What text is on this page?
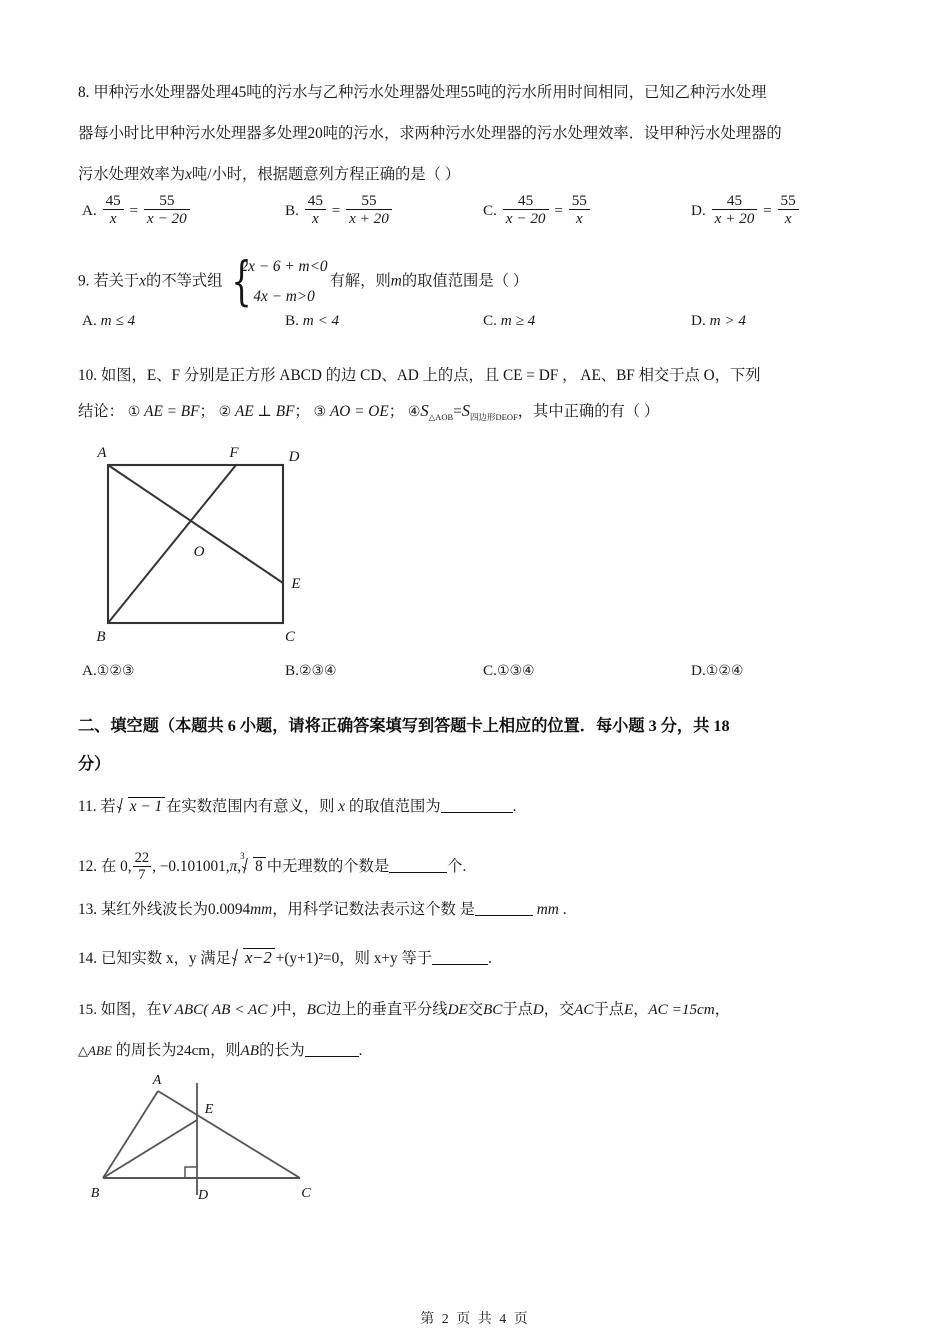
8. 甲种污水处理器处理45吨的污水与乙种污水处理器处理55吨的污水所用时间相同，已知乙种污水处理
器每小时比甲种污水处理器多处理20吨的污水，求两种污水处理器的污水处理效率．设甲种污水处理器的
污水处理效率为x吨/小时，根据题意列方程正确的是（ ）
A. $\frac{45}{x} = \frac{55}{x - 20}$	B. $\frac{45}{x} = \frac{55}{x + 20}$	C. $\frac{45}{x - 20} = \frac{55}{x}$	D. $\frac{45}{x + 20} = \frac{55}{x}$
9. 若关于x的不等式组 {
2x − 6 + m<0
4x − m>0
有解，则m的取值范围是（ ）
A. m ≤ 4	B. m < 4	C. m ≥ 4	D. m > 4
10. 如图，E、F 分别是正方形 ABCD 的边 CD、AD 上的点，且 CE = DF ， AE、BF 相交于点 O，下列
结论： ① AE = BF； ② AE ⊥ BF； ③ AO = OE； $④S_{\triangle AOB}=S_{四边形DEOF}$，其中正确的有（ ）
A	F	D
O
E
B	C
A.①②③	B.②③④	C.①③④	D.①②④
二、填空题（本题共 6 小题，请将正确答案填写到答题卡上相应的位置．每小题 3 分，共 18
分）
11. 若 x − 1 在实数范围内有意义，则 x 的取值范围为	.
12. 在 0, $\frac{22}{7}$ , −0.101001,π,
3
8 中无理数的个数是	个.
13. 某红外线波长为0.0094mm，用科学记数法表示这个数 是	mm .
14. 已知实数 x，y 满足 x−2 +(y+1)²=0，则 x+y 等于	.
15. 如图，在V ABC( AB < AC )中，BC边上的垂直平分线DE交BC于点D，交AC于点E，AC =15cm，
△ABE 的周长为24cm，则AB的长为	.
A
E
B	D	C
第 2 页 共 4 页
